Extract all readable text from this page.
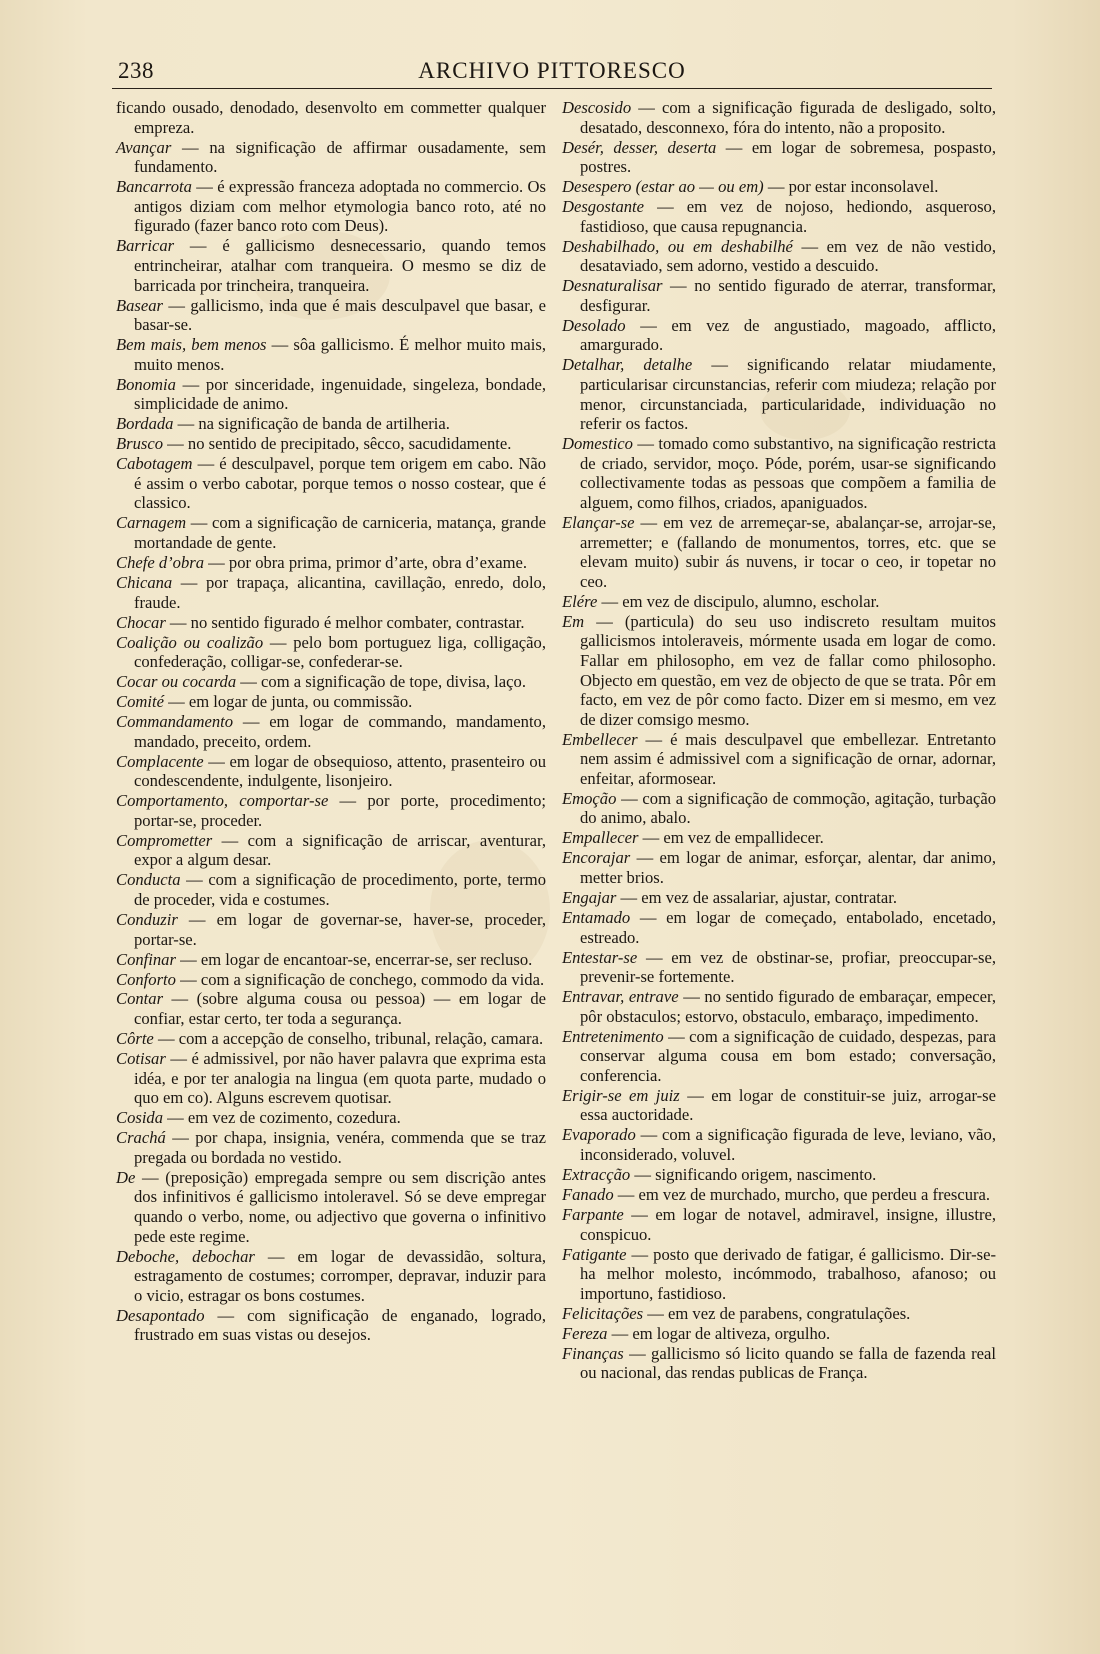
238	ARCHIVO PITTORESCO

ficando ousado, denodado, desenvolto em commetter qualquer empreza.

Avançar — na significação de affirmar ousadamente, sem fundamento.

Bancarrota — é expressão franceza adoptada no commercio. Os antigos diziam com melhor etymologia banco roto, até no figurado (fazer banco roto com Deus).

Barricar — é gallicismo desnecessario, quando temos entrincheirar, atalhar com tranqueira. O mesmo se diz de barricada por trincheira, tranqueira.

Basear — gallicismo, inda que é mais desculpavel que basar, e basar-se.

Bem mais, bem menos — sôa gallicismo. É melhor muito mais, muito menos.

Bonomia — por sinceridade, ingenuidade, singeleza, bondade, simplicidade de animo.

Bordada — na significação de banda de artilheria.

Brusco — no sentido de precipitado, sêcco, sacudidamente.

Cabotagem — é desculpavel, porque tem origem em cabo. Não é assim o verbo cabotar, porque temos o nosso costear, que é classico.

Carnagem — com a significação de carniceria, matança, grande mortandade de gente.

Chefe d’obra — por obra prima, primor d’arte, obra d’exame.

Chicana — por trapaça, alicantina, cavillação, enredo, dolo, fraude.

Chocar — no sentido figurado é melhor combater, contrastar.

Coalição ou coalizão — pelo bom portuguez liga, colligação, confederação, colligar-se, confederar-se.

Cocar ou cocarda — com a significação de tope, divisa, laço.

Comité — em logar de junta, ou commissão.

Commandamento — em logar de commando, mandamento, mandado, preceito, ordem.

Complacente — em logar de obsequioso, attento, prasenteiro ou condescendente, indulgente, lisonjeiro.

Comportamento, comportar-se — por porte, procedimento; portar-se, proceder.

Comprometter — com a significação de arriscar, aventurar, expor a algum desar.

Conducta — com a significação de procedimento, porte, termo de proceder, vida e costumes.

Conduzir — em logar de governar-se, haver-se, proceder, portar-se.

Confinar — em logar de encantoar-se, encerrar-se, ser recluso.

Conforto — com a significação de conchego, commodo da vida.

Contar — (sobre alguma cousa ou pessoa) — em logar de confiar, estar certo, ter toda a segurança.

Côrte — com a accepção de conselho, tribunal, relação, camara.

Cotisar — é admissivel, por não haver palavra que exprima esta idéa, e por ter analogia na lingua (em quota parte, mudado o quo em co). Alguns escrevem quotisar.

Cosida — em vez de cozimento, cozedura.

Crachá — por chapa, insignia, venéra, commenda que se traz pregada ou bordada no vestido.

De — (preposição) empregada sempre ou sem discrição antes dos infinitivos é gallicismo intoleravel. Só se deve empregar quando o verbo, nome, ou adjectivo que governa o infinitivo pede este regime.

Deboche, debochar — em logar de devassidão, soltura, estragamento de costumes; corromper, depravar, induzir para o vicio, estragar os bons costumes.

Desapontado — com significação de enganado, logrado, frustrado em suas vistas ou desejos.

Descosido — com a significação figurada de desligado, solto, desatado, desconnexo, fóra do intento, não a proposito.

Desér, desser, deserta — em logar de sobremesa, pospasto, postres.

Desespero (estar ao — ou em) — por estar inconsolavel.

Desgostante — em vez de nojoso, hediondo, asqueroso, fastidioso, que causa repugnancia.

Deshabilhado, ou em deshabilhé — em vez de não vestido, desataviado, sem adorno, vestido a descuido.

Desnaturalisar — no sentido figurado de aterrar, transformar, desfigurar.

Desolado — em vez de angustiado, magoado, afflicto, amargurado.

Detalhar, detalhe — significando relatar miudamente, particularisar circunstancias, referir com miudeza; relação por menor, circunstanciada, particularidade, individuação no referir os factos.

Domestico — tomado como substantivo, na significação restricta de criado, servidor, moço. Póde, porém, usar-se significando collectivamente todas as pessoas que compõem a familia de alguem, como filhos, criados, apaniguados.

Elançar-se — em vez de arremeçar-se, abalançar-se, arrojar-se, arremetter; e (fallando de monumentos, torres, etc. que se elevam muito) subir ás nuvens, ir tocar o ceo, ir topetar no ceo.

Elére — em vez de discipulo, alumno, escholar.

Em — (particula) do seu uso indiscreto resultam muitos gallicismos intoleraveis, mórmente usada em logar de como. Fallar em philosopho, em vez de fallar como philosopho. Objecto em questão, em vez de objecto de que se trata. Pôr em facto, em vez de pôr como facto. Dizer em si mesmo, em vez de dizer comsigo mesmo.

Embellecer — é mais desculpavel que embellezar. Entretanto nem assim é admissivel com a significação de ornar, adornar, enfeitar, aformosear.

Emoção — com a significação de commoção, agitação, turbação do animo, abalo.

Empallecer — em vez de empallidecer.

Encorajar — em logar de animar, esforçar, alentar, dar animo, metter brios.

Engajar — em vez de assalariar, ajustar, contratar.

Entamado — em logar de começado, entabolado, encetado, estreado.

Entestar-se — em vez de obstinar-se, profiar, preoccupar-se, prevenir-se fortemente.

Entravar, entrave — no sentido figurado de embaraçar, empecer, pôr obstaculos; estorvo, obstaculo, embaraço, impedimento.

Entretenimento — com a significação de cuidado, despezas, para conservar alguma cousa em bom estado; conversação, conferencia.

Erigir-se em juiz — em logar de constituir-se juiz, arrogar-se essa auctoridade.

Evaporado — com a significação figurada de leve, leviano, vão, inconsiderado, voluvel.

Extracção — significando origem, nascimento.

Fanado — em vez de murchado, murcho, que perdeu a frescura.

Farpante — em logar de notavel, admiravel, insigne, illustre, conspicuo.

Fatigante — posto que derivado de fatigar, é gallicismo. Dir-se-ha melhor molesto, incómmodo, trabalhoso, afanoso; ou importuno, fastidioso.

Felicitações — em vez de parabens, congratulações.

Fereza — em logar de altiveza, orgulho.

Finanças — gallicismo só licito quando se falla de fazenda real ou nacional, das rendas publicas de França.
